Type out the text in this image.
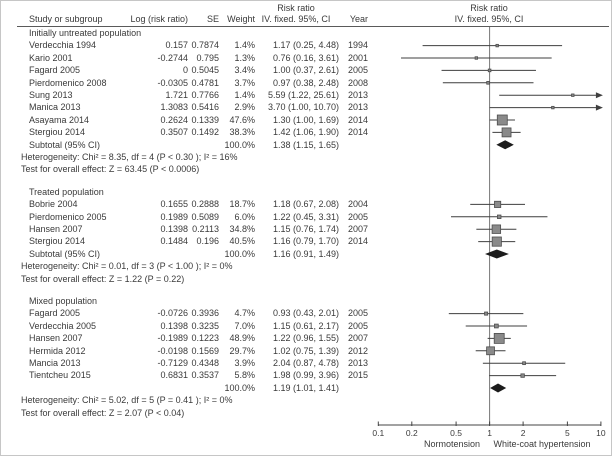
Risk ratio	Risk ratio
Study or subgroup	Log (risk ratio)	SE Weight IV. fixed. 95%, CI	Year	IV. fixed. 95%, CI
Initially untreated population
Verdecchia 1994	0.157 0.7874	1.4%	1.17 (0.25, 4.48) 1994
Kario 2001	-0.2744 0.795	1.3%	0.76 (0.16, 3.61) 2001
Fagard 2005	0 0.5045	3.4%	1.00 (0.37, 2.61) 2005
Pierdomenico 2008	-0.0305 0.4781	3.7%	0.97 (0.38, 2.48) 2008
Sung 2013	1.721 0.7766	1.4%	5.59 (1.22, 25.61) 2013
Manica 2013	1.3083 0.5416	2.9%	3.70 (1.00, 10.70) 2013
Asayama 2014	0.2624 0.1339	47.6%	1.30 (1.00, 1.69) 2014
Stergiou 2014	0.3507 0.1492	38.3%	1.42 (1.06, 1.90) 2014
Subtotal (95% CI)	100.0%	1.38 (1.15, 1.65)
Heterogeneity: Chi² = 8.35, df = 4 (P < 0.30 ); I² = 16%
Test for overall effect: Z = 63.45 (P < 0.0006)
Treated population
Bobrie 2004	0.1655 0.2888	18.7%	1.18 (0.67, 2.08) 2004
Pierdomenico 2005	0.1989 0.5089	6.0%	1.22 (0.45, 3.31) 2005
Hansen 2007	0.1398 0.2113	34.8%	1.15 (0.76, 1.74) 2007
Stergiou 2014	0.1484 0.196	40.5%	1.16 (0.79, 1.70) 2014
Subtotal (95% CI)	100.0%	1.16 (0.91, 1.49)
Heterogeneity: Chi² = 0.01, df = 3 (P < 1.00 ); I² = 0%
Test for overall effect: Z = 1.22 (P = 0.22)
Mixed population
Fagard 2005	-0.0726 0.3936	4.7%	0.93 (0.43, 2.01) 2005
Verdecchia 2005	0.1398 0.3235	7.0%	1.15 (0.61, 2.17) 2005
Hansen 2007	-0.1989 0.1223	48.9%	1.22 (0.96, 1.55) 2007
Hermida 2012	-0.0198 0.1569	29.7%	1.02 (0.75, 1.39) 2012
Mancia 2013	-0.7129 0.4348	3.9%	2.04 (0.87, 4.78) 2013
Tientcheu 2015	0.6831 0.3537	5.8%	1.98 (0.99, 3.96) 2015
100.0%	1.19 (1.01, 1.41)
Heterogeneity: Chi² = 5.02, df = 5 (P = 0.41 ); I² = 0%
Test for overall effect: Z = 2.07 (P < 0.04)
0.1	0.2	0.5	1	2	5	10
Normotension	White-coat hypertension
